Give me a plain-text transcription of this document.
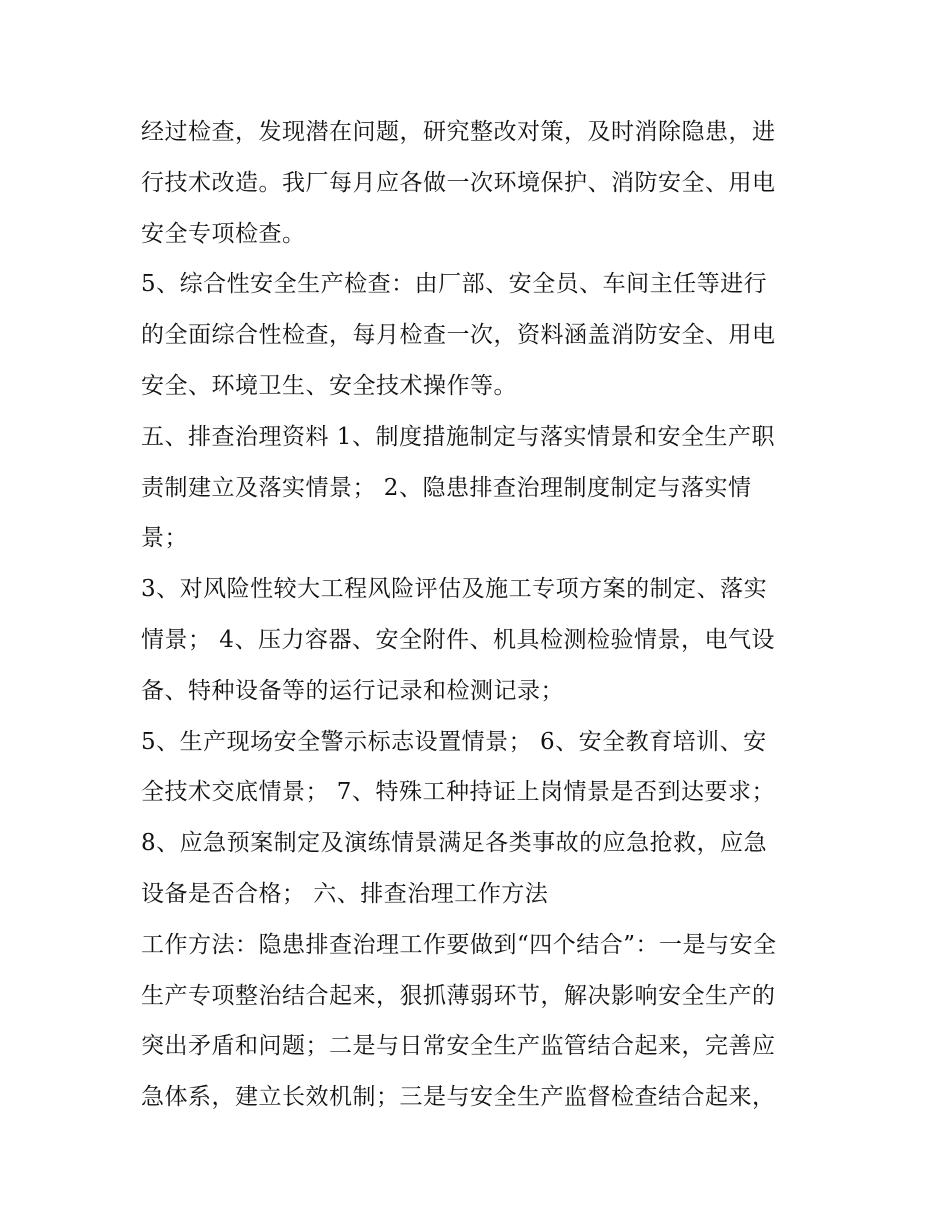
经过检查，发现潜在问题，研究整改对策，及时消除隐患，进
行技术改造。我厂每月应各做一次环境保护、消防安全、用电
安全专项检查。
5、综合性安全生产检查：由厂部、安全员、车间主任等进行
的全面综合性检查，每月检查一次，资料涵盖消防安全、用电
安全、环境卫生、安全技术操作等。
五、排查治理资料 1、制度措施制定与落实情景和安全生产职
责制建立及落实情景； 2、隐患排查治理制度制定与落实情
景；
3、对风险性较大工程风险评估及施工专项方案的制定、落实
情景； 4、压力容器、安全附件、机具检测检验情景，电气设
备、特种设备等的运行记录和检测记录；
5、生产现场安全警示标志设置情景； 6、安全教育培训、安
全技术交底情景； 7、特殊工种持证上岗情景是否到达要求；
8、应急预案制定及演练情景满足各类事故的应急抢救，应急
设备是否合格； 六、排查治理工作方法
工作方法：隐患排查治理工作要做到“四个结合”：一是与安全
生产专项整治结合起来，狠抓薄弱环节，解决影响安全生产的
突出矛盾和问题；二是与日常安全生产监管结合起来，完善应
急体系，建立长效机制；三是与安全生产监督检查结合起来，
